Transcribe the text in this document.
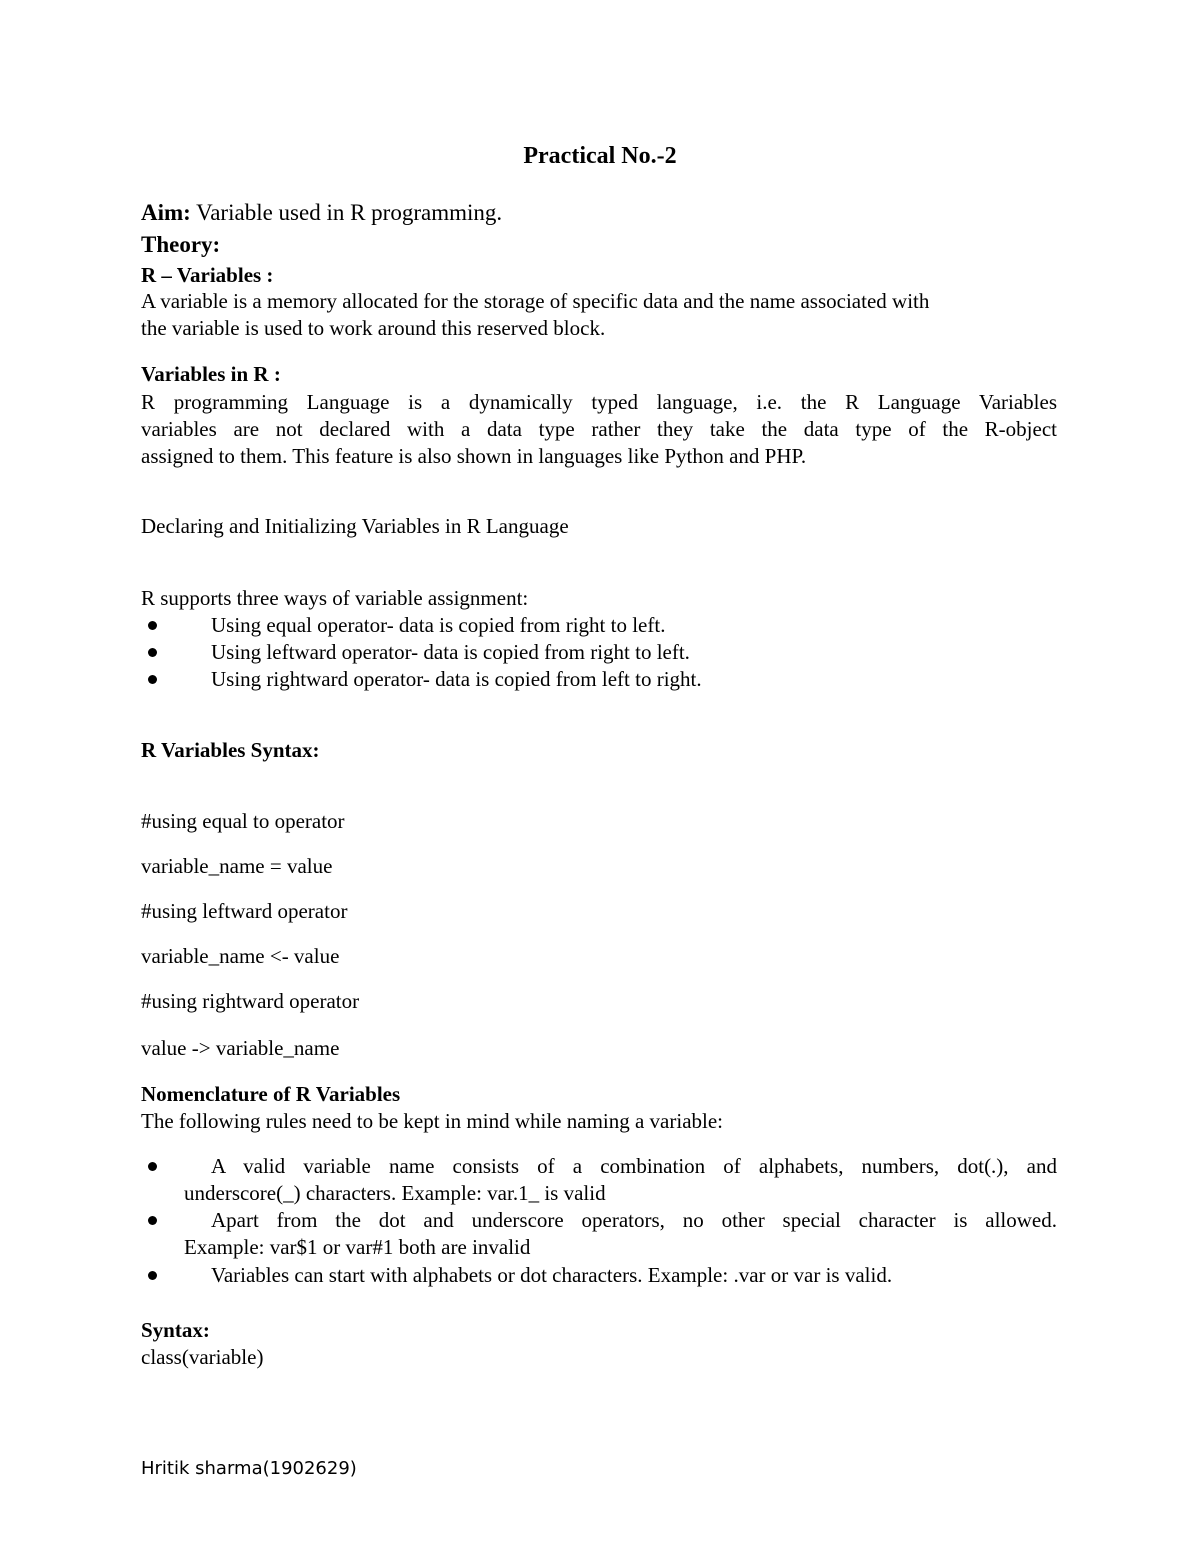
Practical No.-2
Aim: Variable used in R programming.
Theory:
R – Variables :
A variable is a memory allocated for the storage of specific data and the name associated with
the variable is used to work around this reserved block.
Variables in R :
R programming Language is a dynamically typed language, i.e. the R Language Variables
variables are not declared with a data type rather they take the data type of the R-object
assigned to them. This feature is also shown in languages like Python and PHP.
Declaring and Initializing Variables in R Language
R supports three ways of variable assignment:
Using equal operator- data is copied from right to left.
Using leftward operator- data is copied from right to left.
Using rightward operator- data is copied from left to right.
R Variables Syntax:
#using equal to operator
variable_name = value
#using leftward operator
variable_name <- value
#using rightward operator
value -> variable_name
Nomenclature of R Variables
The following rules need to be kept in mind while naming a variable:
A valid variable name consists of a combination of alphabets, numbers, dot(.), and
underscore(_) characters. Example: var.1_ is valid
Apart from the dot and underscore operators, no other special character is allowed.
Example: var$1 or var#1 both are invalid
Variables can start with alphabets or dot characters. Example: .var or var is valid.
Syntax:
class(variable)
Hritik sharma(1902629)
